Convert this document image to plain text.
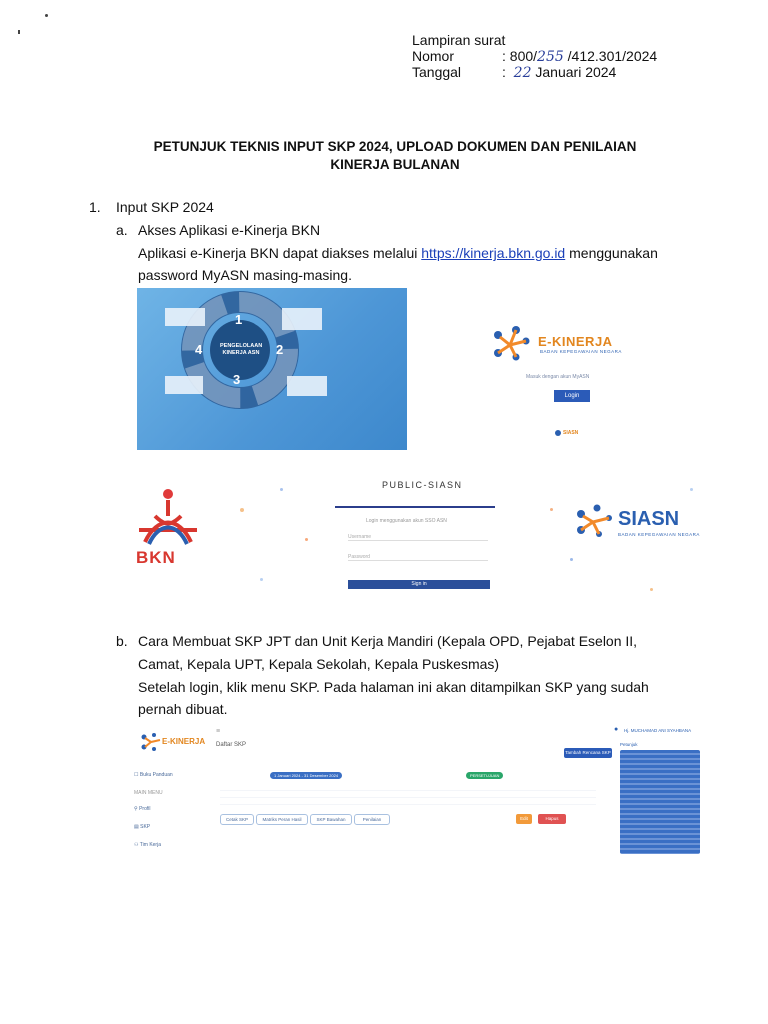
Lampiran surat
Nomor	: 800/255 /412.301/2024
Tanggal	: 22 Januari 2024
PETUNJUK TEKNIS INPUT SKP 2024, UPLOAD DOKUMEN DAN PENILAIAN
KINERJA BULANAN
1. Input SKP 2024
a. Akses Aplikasi e-Kinerja BKN
Aplikasi e-Kinerja BKN dapat diakses melalui https://kinerja.bkn.go.id menggunakan
password MyASN masing-masing.
PENGELOLAAN
KINERJA ASN
1
2
3
4
E-KINERJA
BADAN KEPEGAWAIAN NEGARA
Masuk dengan akun MyASN
Login
SIASN
BKN
PUBLIC-SIASN
Login menggunakan akun SSO ASN
Username
Password
Sign in
SIASN
BADAN KEPEGAWAIAN NEGARA
b. Cara Membuat SKP JPT dan Unit Kerja Mandiri (Kepala OPD, Pejabat Eselon II,
Camat, Kepala UPT, Kepala Sekolah, Kepala Puskesmas)
Setelah login, klik menu SKP. Pada halaman ini akan ditampilkan SKP yang sudah
pernah dibuat.
E-KINERJA
≡
Daftar SKP
● Hj. MUCHAMAD ANI SYAHBANA
Tambah Rencana SKP
☐ Buku Panduan
MAIN MENU
⚲ Profil
▤ SKP
⚇ Tim Kerja
1 Januari 2024 - 31 Desember 2024	PERSETUJUAN
Cetak SKP	Matriks Peran Hasil	SKP Bawahan	Penilaian	Edit	Hapus
Petunjuk
